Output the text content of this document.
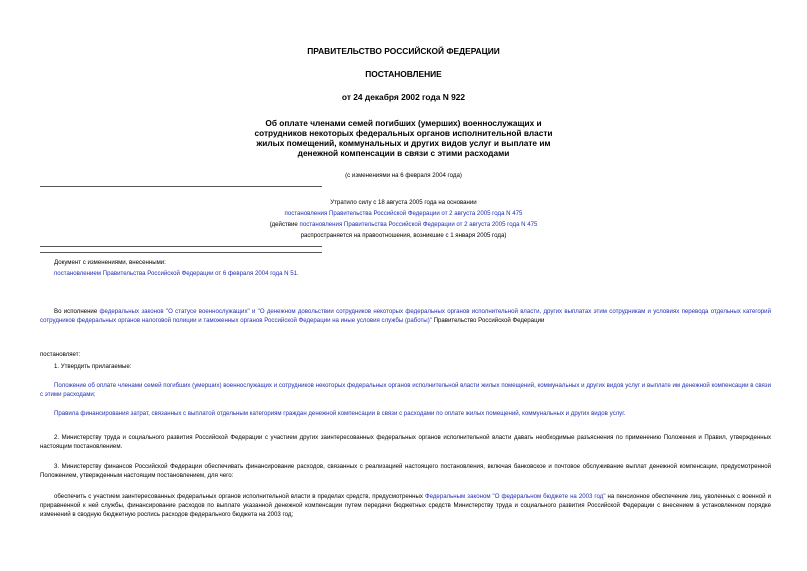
ПРАВИТЕЛЬСТВО РОССИЙСКОЙ ФЕДЕРАЦИИ
ПОСТАНОВЛЕНИЕ
от 24 декабря 2002 года N 922
Об оплате членами семей погибших (умерших) военнослужащих и
сотрудников некоторых федеральных органов исполнительной власти
жилых помещений, коммунальных и других видов услуг и выплате им
денежной компенсации в связи с этими расходами
(с изменениями на 6 февраля 2004 года)
Утратило силу с 18 августа 2005 года на основании
постановления Правительства Российской Федерации от 2 августа 2005 года N 475
(действие постановления Правительства Российской Федерации от 2 августа 2005 года N 475
распространяется на правоотношения, возникшие с 1 января 2005 года)
Документ с изменениями, внесенными:
постановлением Правительства Российской Федерации от 6 февраля 2004 года N 51.
Во исполнение федеральных законов "О статусе военнослужащих" и "О денежном довольствии сотрудников некоторых федеральных органов исполнительной власти, других выплатах этим сотрудникам и условиях перевода отдельных категорий сотрудников федеральных органов налоговой полиции и таможенных органов Российской Федерации на иные условия службы (работы)" Правительство Российской Федерации
постановляет:
1. Утвердить прилагаемые:
Положение об оплате членами семей погибших (умерших) военнослужащих и сотрудников некоторых федеральных органов исполнительной власти жилых помещений, коммунальных и других видов услуг и выплате им денежной компенсации в связи с этими расходами;
Правила финансирования затрат, связанных с выплатой отдельным категориям граждан денежной компенсации в связи с расходами по оплате жилых помещений, коммунальных и других видов услуг.
2. Министерству труда и социального развития Российской Федерации с участием других заинтересованных федеральных органов исполнительной власти давать необходимые разъяснения по применению Положения и Правил, утвержденных настоящим постановлением.
3. Министерству финансов Российской Федерации обеспечивать финансирование расходов, связанных с реализацией настоящего постановления, включая банковское и почтовое обслуживание выплат денежной компенсации, предусмотренной Положением, утвержденным настоящим постановлением, для чего:
обеспечить с участием заинтересованных федеральных органов исполнительной власти в пределах средств, предусмотренных Федеральным законом "О федеральном бюджете на 2003 год" на пенсионное обеспечение лиц, уволенных с военной и приравненной к ней службы, финансирование расходов по выплате указанной денежной компенсации путем передачи бюджетных средств Министерству труда и социального развития Российской Федерации с внесением в установленном порядке изменений в сводную бюджетную роспись расходов федерального бюджета на 2003 год;
